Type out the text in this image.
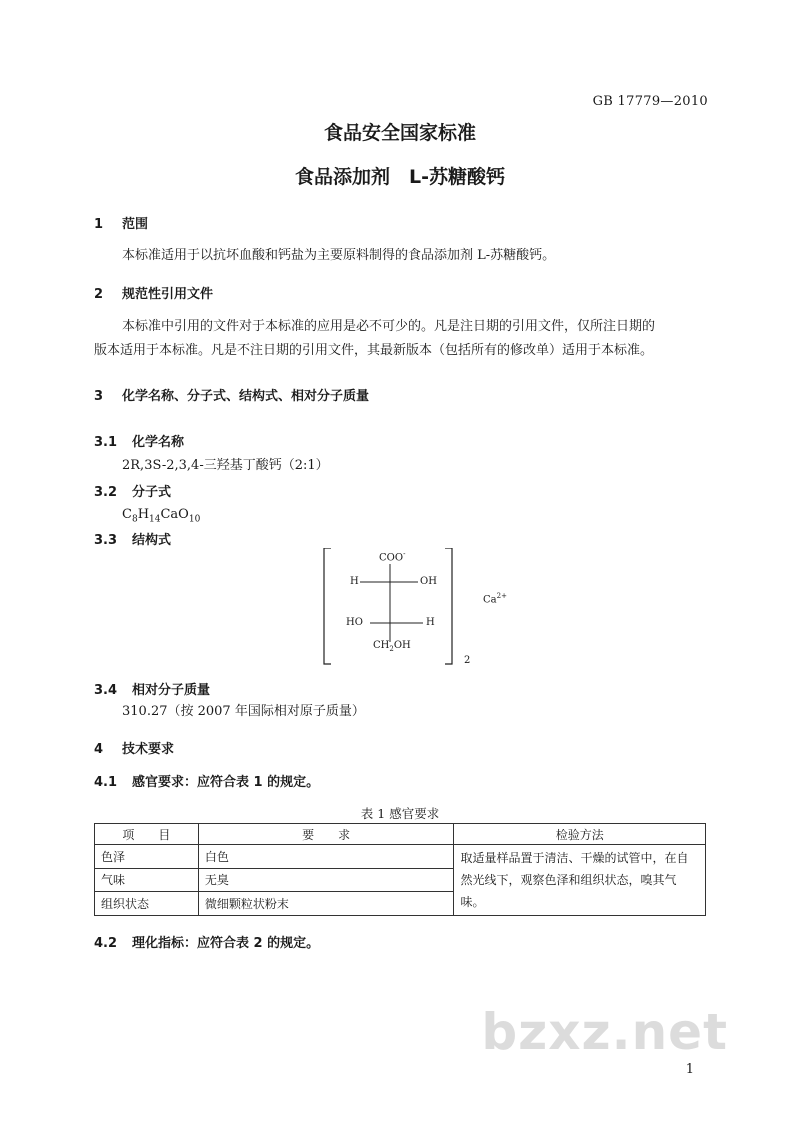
GB 17779—2010
食品安全国家标准
食品添加剂　L-苏糖酸钙
1 范围
本标准适用于以抗坏血酸和钙盐为主要原料制得的食品添加剂 L-苏糖酸钙。
2 规范性引用文件
本标准中引用的文件对于本标准的应用是必不可少的。凡是注日期的引用文件，仅所注日期的
版本适用于本标准。凡是不注日期的引用文件，其最新版本（包括所有的修改单）适用于本标准。
3 化学名称、分子式、结构式、相对分子质量
3.1 化学名称
2R,3S-2,3,4-三羟基丁酸钙（2:1）
3.2 分子式
$C_8H_{14}CaO_{10}$
3.3 结构式
COO-
H	OH
HO	H
$CH_2OH$
2
$Ca^{2+}$
3.4 相对分子质量
310.27（按 2007 年国际相对原子质量）
4 技术要求
4.1 感官要求：应符合表 1 的规定。
表 1 感官要求
项　　目	要　　求	检验方法
色泽	白色	取适量样品置于清洁、干燥的试管中，在自
然光线下，观察色泽和组织状态，嗅其气味。

气味	无臭	
组织状态	微细颗粒状粉末	
4.2 理化指标：应符合表 2 的规定。
bzxz.net
1
